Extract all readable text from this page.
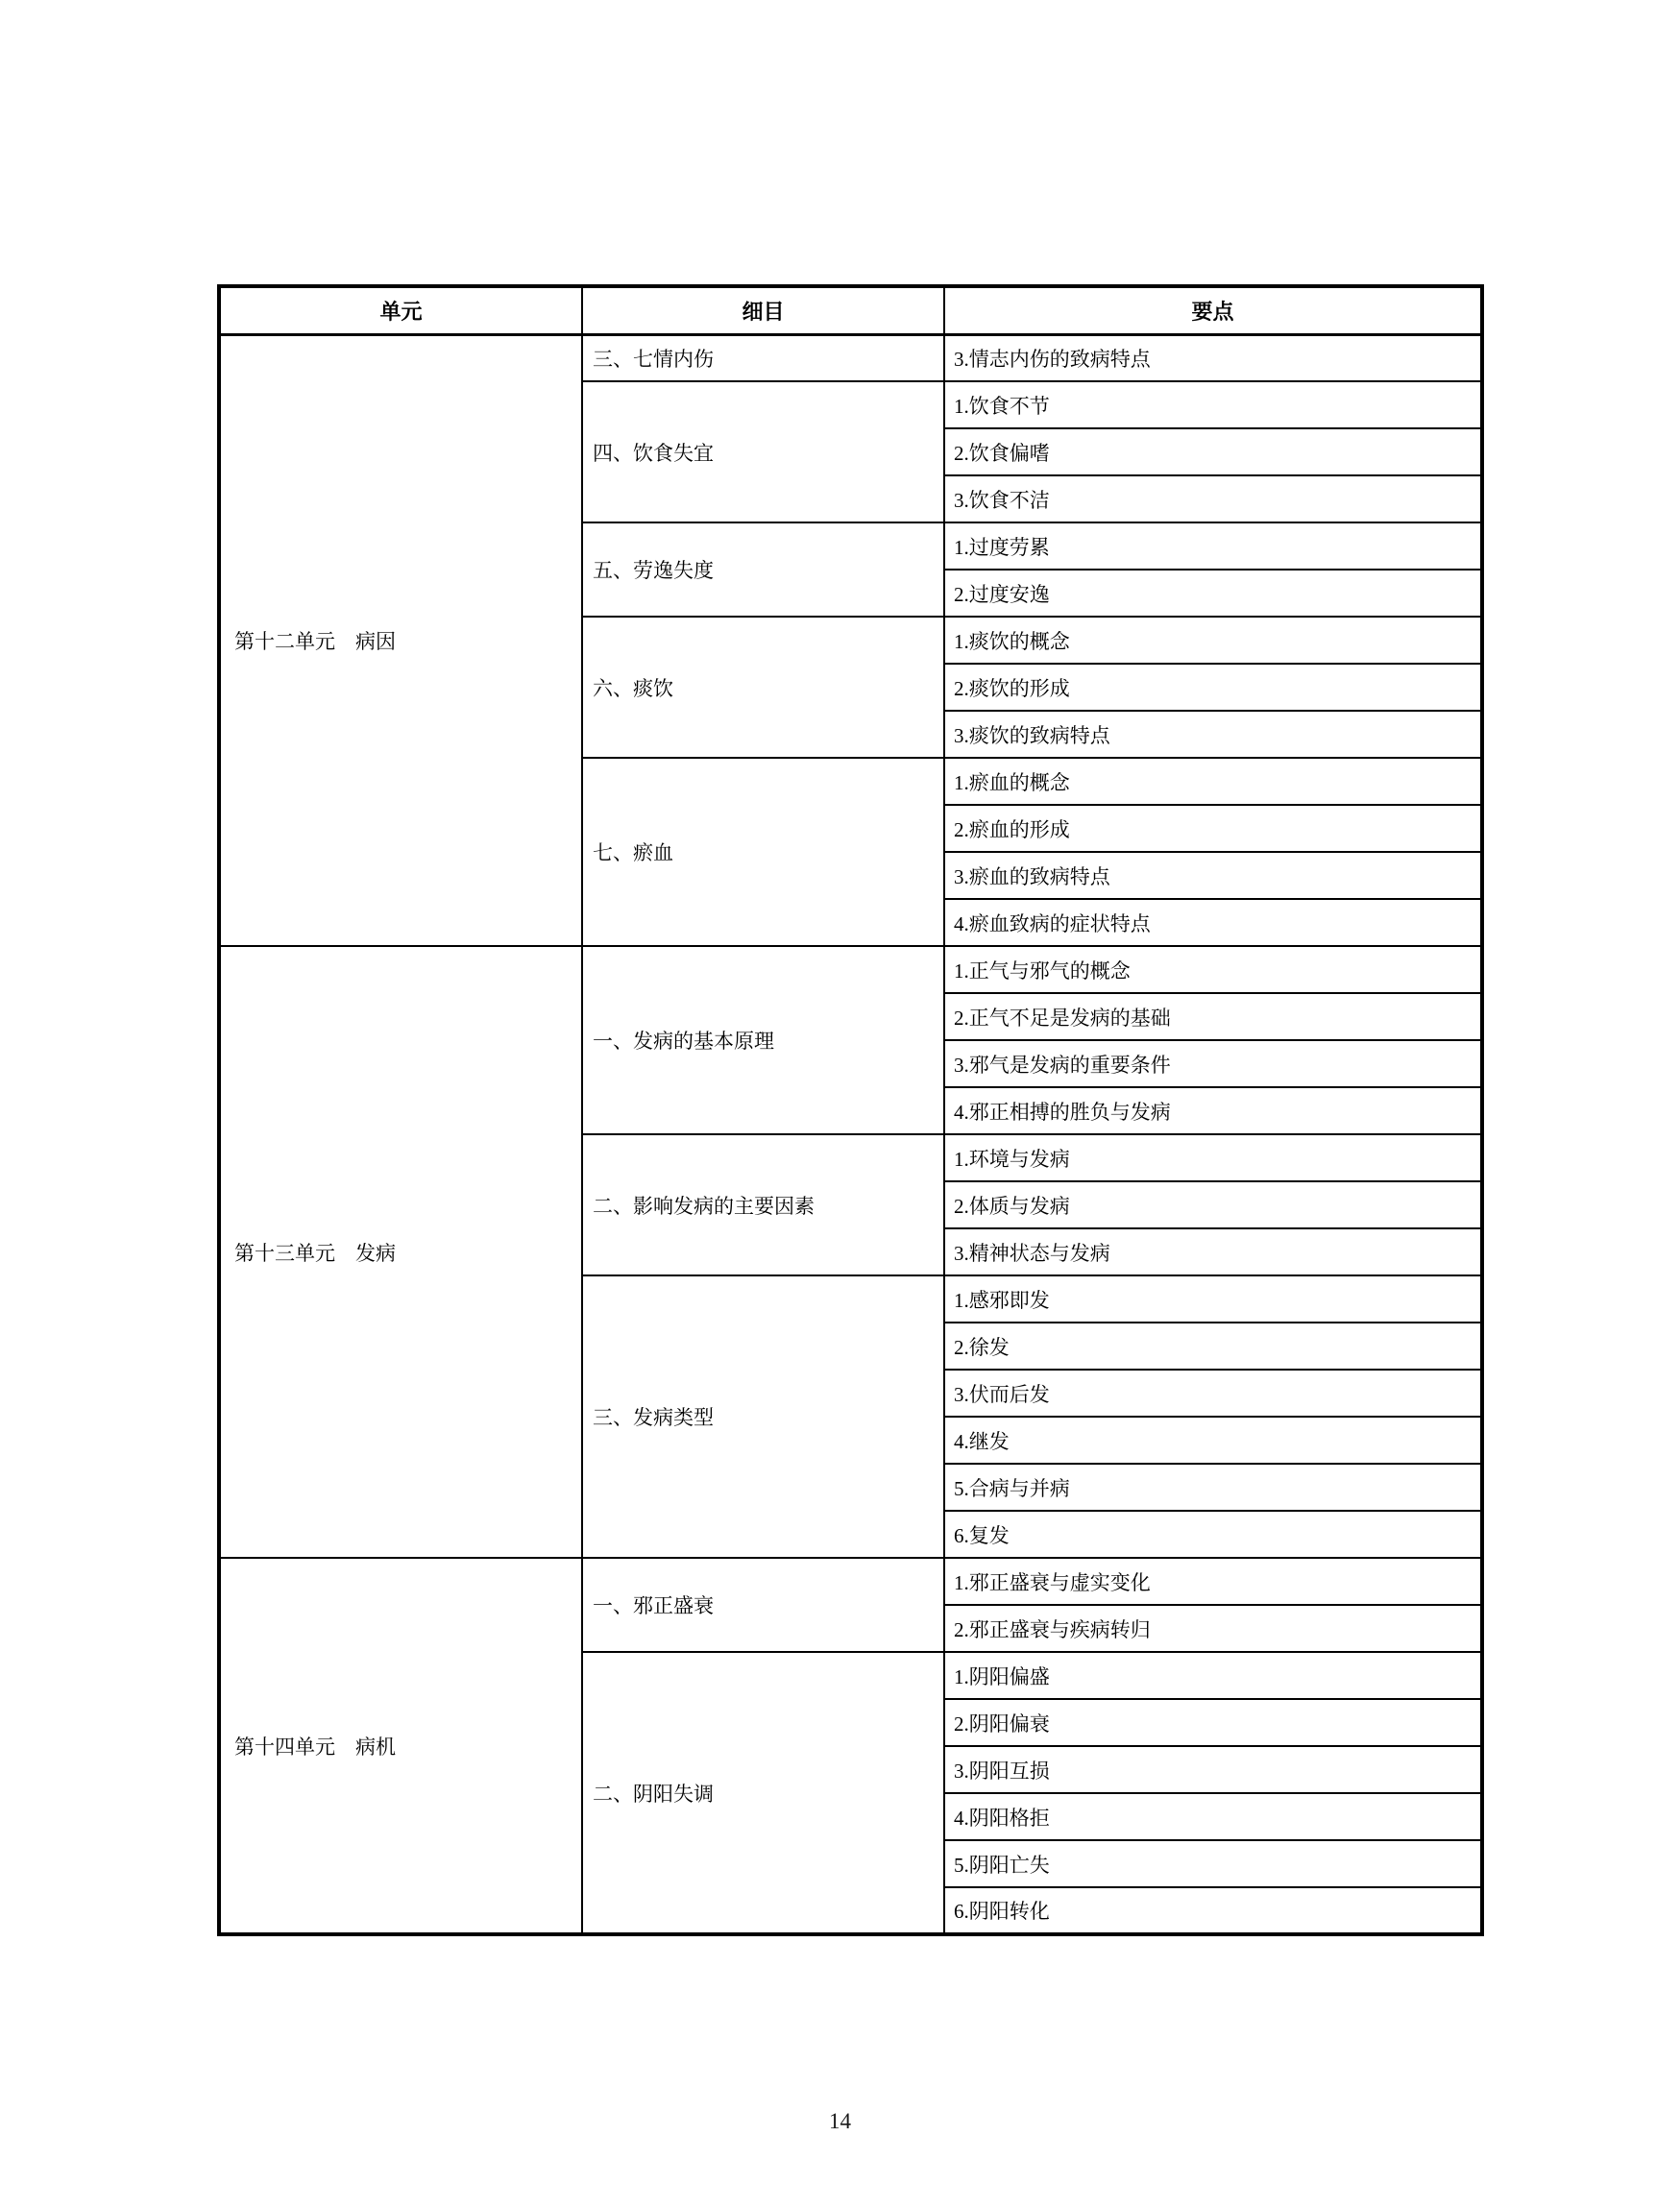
单元	细目	要点
第十二单元　病因	三、七情内伤	3.情志内伤的致病特点
	四、饮食失宜	1.饮食不节
		2.饮食偏嗜
		3.饮食不洁
	五、劳逸失度	1.过度劳累
		2.过度安逸
	六、痰饮	1.痰饮的概念
		2.痰饮的形成
		3.痰饮的致病特点
	七、瘀血	1.瘀血的概念
		2.瘀血的形成
		3.瘀血的致病特点
		4.瘀血致病的症状特点
第十三单元　发病	一、发病的基本原理	1.正气与邪气的概念
		2.正气不足是发病的基础
		3.邪气是发病的重要条件
		4.邪正相搏的胜负与发病
	二、影响发病的主要因素	1.环境与发病
		2.体质与发病
		3.精神状态与发病
	三、发病类型	1.感邪即发
		2.徐发
		3.伏而后发
		4.继发
		5.合病与并病
		6.复发
第十四单元　病机	一、邪正盛衰	1.邪正盛衰与虚实变化
		2.邪正盛衰与疾病转归
	二、阴阳失调	1.阴阳偏盛
		2.阴阳偏衰
		3.阴阳互损
		4.阴阳格拒
		5.阴阳亡失
		6.阴阳转化
14
